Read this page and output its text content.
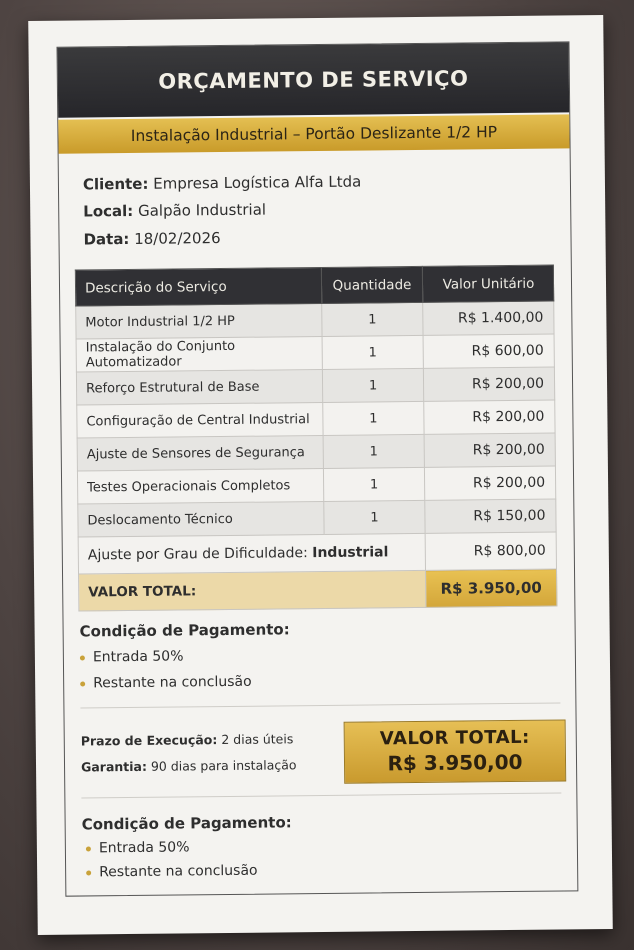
ORÇAMENTO DE SERVIÇO
Instalação Industrial – Portão Deslizante 1/2 HP
Cliente: Empresa Logística Alfa Ltda
Local: Galpão Industrial
Data: 18/02/2026
Descrição do Serviço	Quantidade	Valor Unitário
Motor Industrial 1/2 HP	1	R$ 1.400,00
Instalação do Conjunto Automatizador	1	R$ 600,00
Reforço Estrutural de Base	1	R$ 200,00
Configuração de Central Industrial	1	R$ 200,00
Ajuste de Sensores de Segurança	1	R$ 200,00
Testes Operacionais Completos	1	R$ 200,00
Deslocamento Técnico	1	R$ 150,00
Ajuste por Grau de Dificuldade: Industrial		R$ 800,00
VALOR TOTAL:		R$ 3.950,00
Condição de Pagamento:
Entrada 50%
Restante na conclusão
Prazo de Execução: 2 dias úteis
Garantia: 90 dias para instalação
VALOR TOTAL:
R$ 3.950,00
Condição de Pagamento:
Entrada 50%
Restante na conclusão
